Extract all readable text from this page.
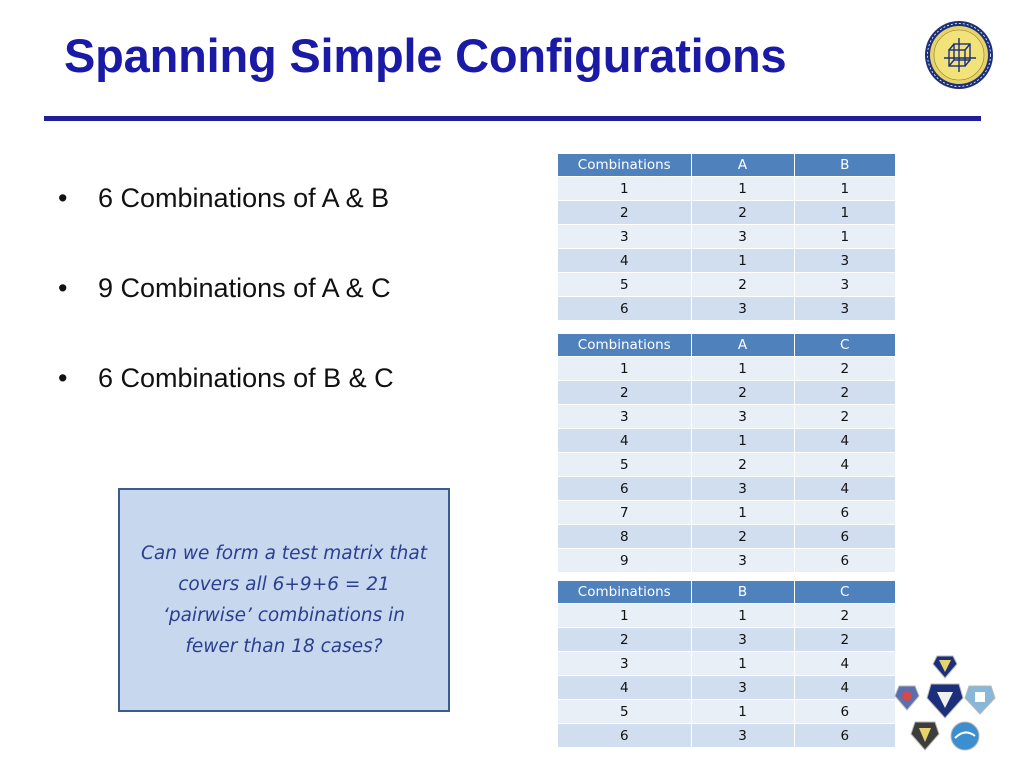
Spanning Simple Configurations
• 6 Combinations of A & B
• 9 Combinations of A & C
• 6 Combinations of B & C
Can we form a test matrix that covers all 6+9+6 = 21 ‘pairwise’ combinations in fewer than 18 cases?
Combinations	A	B
1	1	1
2	2	1
3	3	1
4	1	3
5	2	3
6	3	3
Combinations	A	C
1	1	2
2	2	2
3	3	2
4	1	4
5	2	4
6	3	4
7	1	6
8	2	6
9	3	6
Combinations	B	C
1	1	2
2	3	2
3	1	4
4	3	4
5	1	6
6	3	6
